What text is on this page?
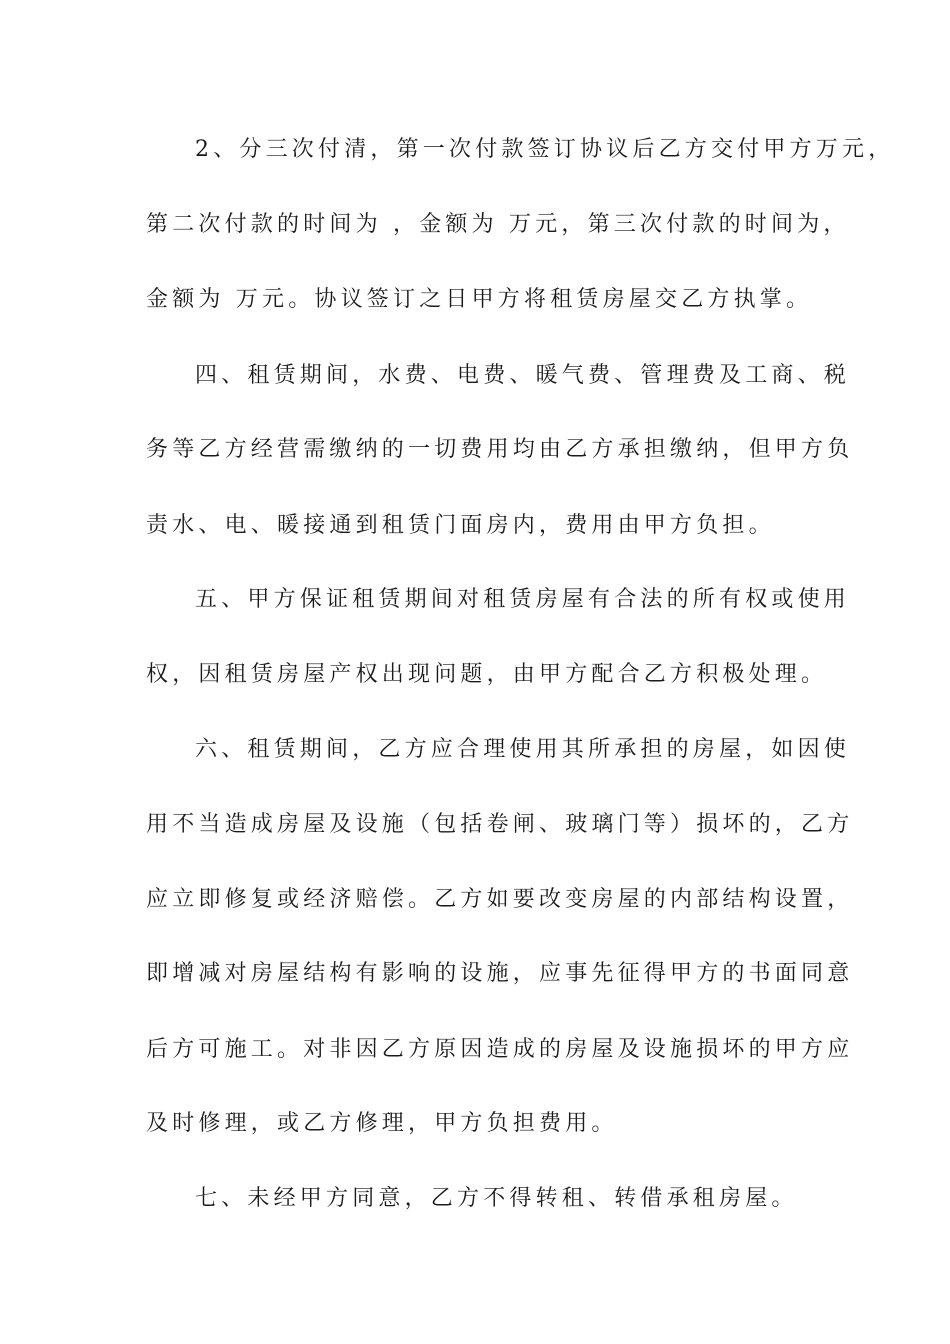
2、分三次付清，第一次付款签订协议后乙方交付甲方万元，
第二次付款的时间为 ，金额为 万元，第三次付款的时间为，
金额为 万元。协议签订之日甲方将租赁房屋交乙方执掌。
四、租赁期间，水费、电费、暖气费、管理费及工商、税
务等乙方经营需缴纳的一切费用均由乙方承担缴纳，但甲方负
责水、电、暖接通到租赁门面房内，费用由甲方负担。
五、甲方保证租赁期间对租赁房屋有合法的所有权或使用
权，因租赁房屋产权出现问题，由甲方配合乙方积极处理。
六、租赁期间，乙方应合理使用其所承担的房屋，如因使
用不当造成房屋及设施（包括卷闸、玻璃门等）损坏的，乙方
应立即修复或经济赔偿。乙方如要改变房屋的内部结构设置，
即增减对房屋结构有影响的设施，应事先征得甲方的书面同意
后方可施工。对非因乙方原因造成的房屋及设施损坏的甲方应
及时修理，或乙方修理，甲方负担费用。
七、未经甲方同意，乙方不得转租、转借承租房屋。
